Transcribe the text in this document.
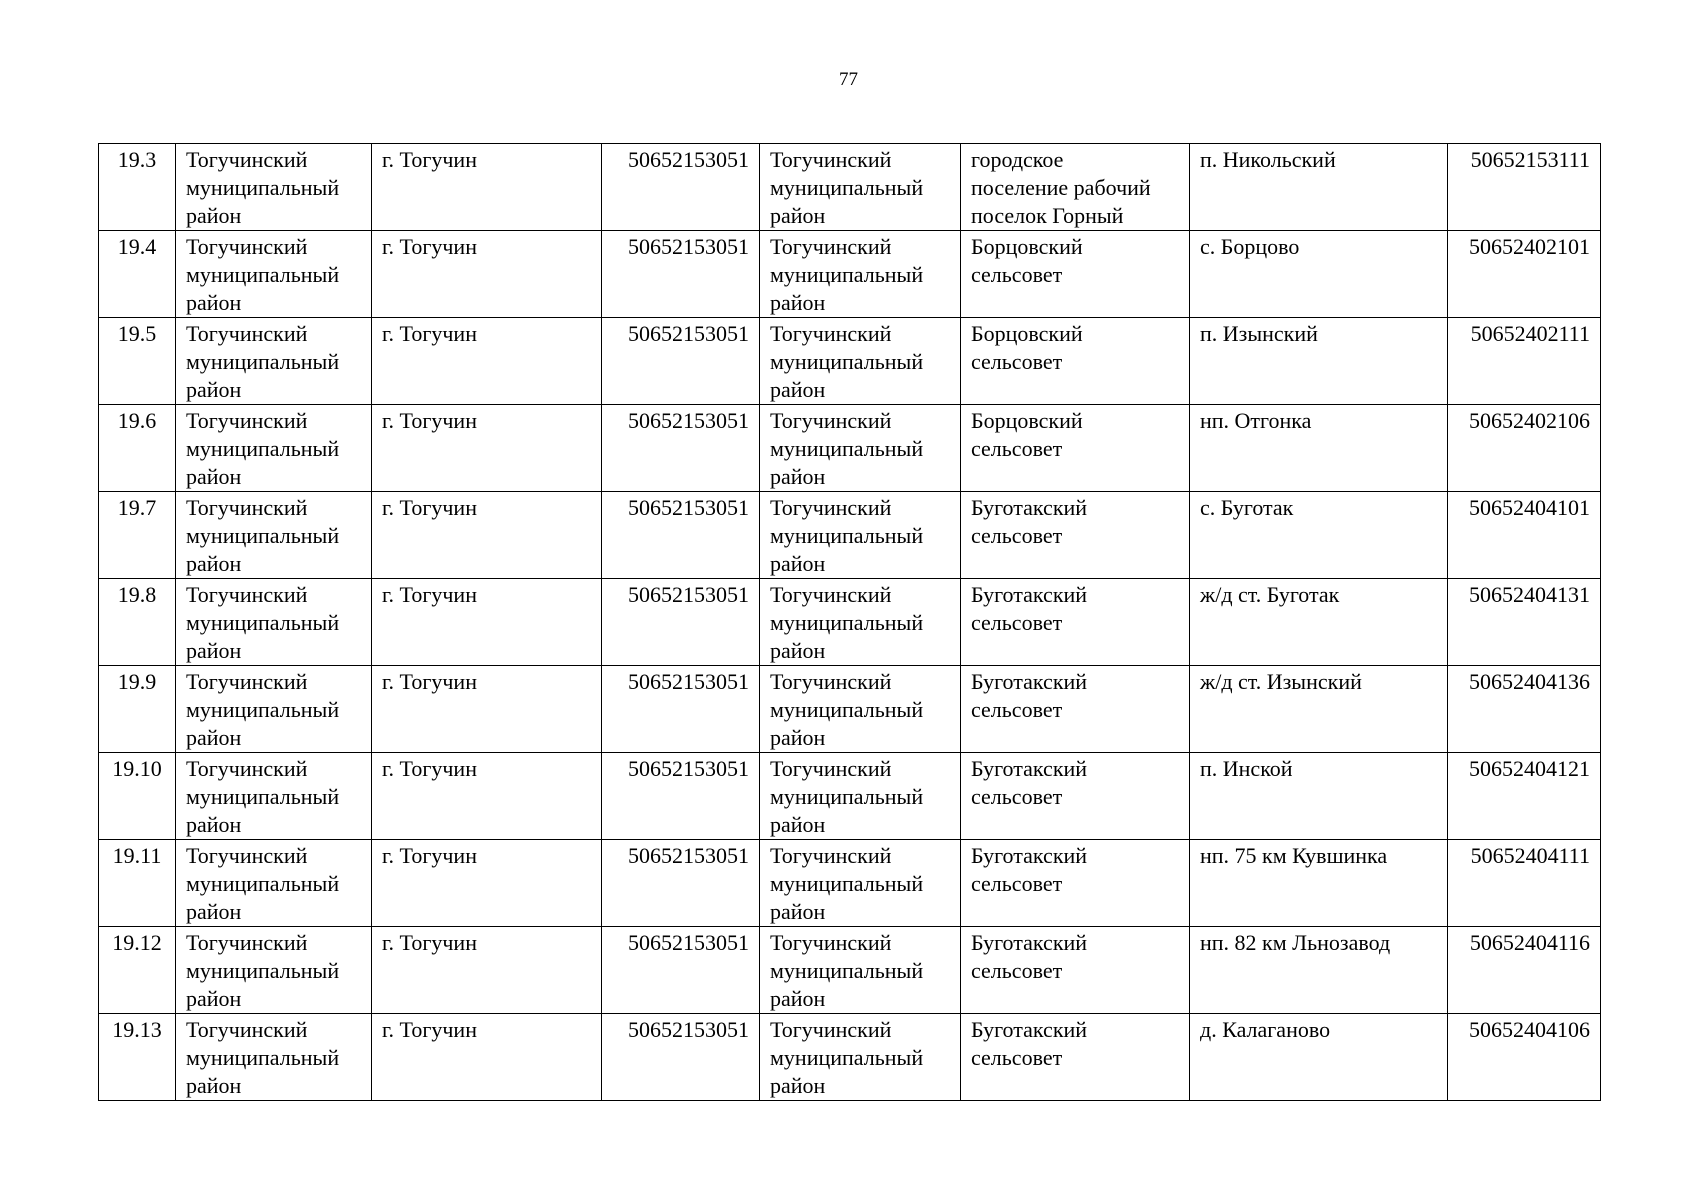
77
19.3	Тогучинский
муниципальный
район	г. Тогучин	50652153051	Тогучинский
муниципальный
район	городское
поселение рабочий
поселок Горный	п. Никольский	50652153111
19.4	Тогучинский
муниципальный
район	г. Тогучин	50652153051	Тогучинский
муниципальный
район	Борцовский
сельсовет	с. Борцово	50652402101
19.5	Тогучинский
муниципальный
район	г. Тогучин	50652153051	Тогучинский
муниципальный
район	Борцовский
сельсовет	п. Изынский	50652402111
19.6	Тогучинский
муниципальный
район	г. Тогучин	50652153051	Тогучинский
муниципальный
район	Борцовский
сельсовет	нп. Отгонка	50652402106
19.7	Тогучинский
муниципальный
район	г. Тогучин	50652153051	Тогучинский
муниципальный
район	Буготакский
сельсовет	с. Буготак	50652404101
19.8	Тогучинский
муниципальный
район	г. Тогучин	50652153051	Тогучинский
муниципальный
район	Буготакский
сельсовет	ж/д ст. Буготак	50652404131
19.9	Тогучинский
муниципальный
район	г. Тогучин	50652153051	Тогучинский
муниципальный
район	Буготакский
сельсовет	ж/д ст. Изынский	50652404136
19.10	Тогучинский
муниципальный
район	г. Тогучин	50652153051	Тогучинский
муниципальный
район	Буготакский
сельсовет	п. Инской	50652404121
19.11	Тогучинский
муниципальный
район	г. Тогучин	50652153051	Тогучинский
муниципальный
район	Буготакский
сельсовет	нп. 75 км Кувшинка	50652404111
19.12	Тогучинский
муниципальный
район	г. Тогучин	50652153051	Тогучинский
муниципальный
район	Буготакский
сельсовет	нп. 82 км Льнозавод	50652404116
19.13	Тогучинский
муниципальный
район	г. Тогучин	50652153051	Тогучинский
муниципальный
район	Буготакский
сельсовет	д. Калаганово	50652404106
